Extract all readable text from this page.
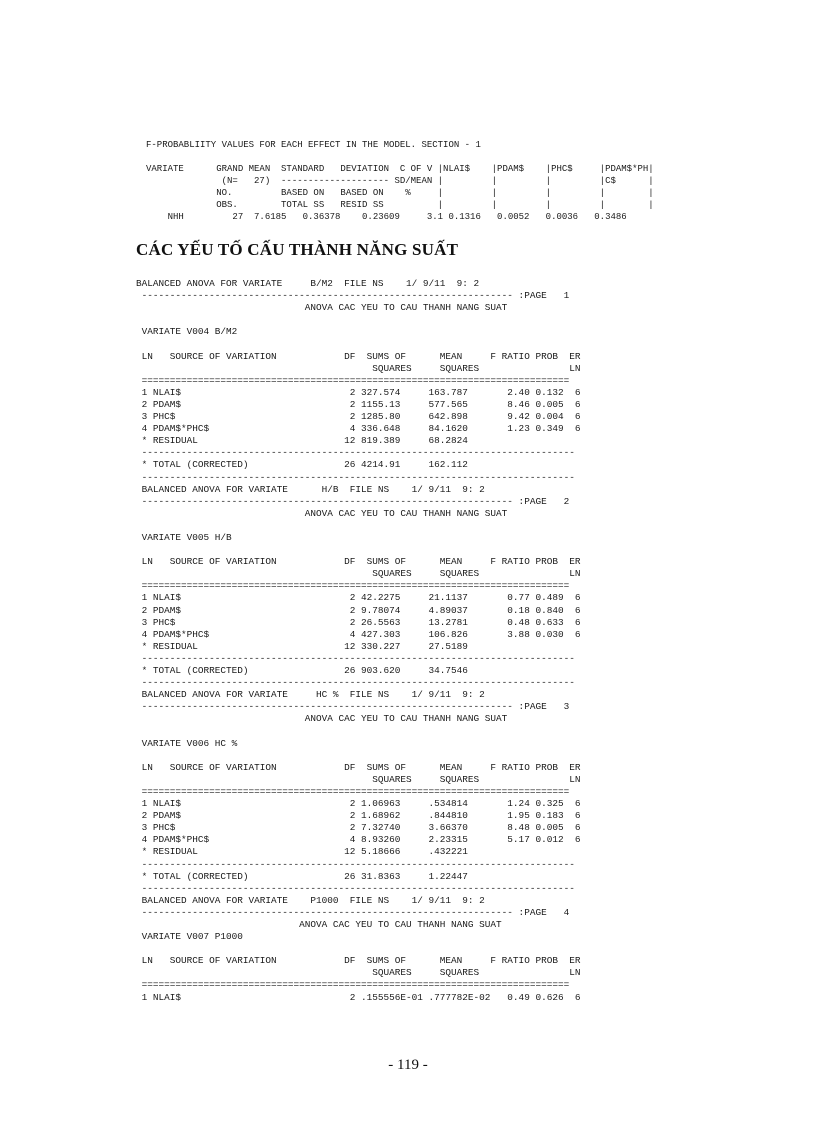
F-PROBABLIITY VALUES FOR EACH EFFECT IN THE MODEL. SECTION - 1

VARIATE      GRAND MEAN  STANDARD   DEVIATION  C OF V |NLAI$    |PDAM$    |PHC$     |PDAM$*PH|
(N=   27)  -------------------- SD/MEAN |         |         |         |C$      |
NO.         BASED ON   BASED ON    %     |         |         |         |        |
OBS.        TOTAL SS   RESID SS          |         |         |         |        |
NHH         27  7.6185   0.36378    0.23609     3.1 0.1316   0.0052   0.0036   0.3486

CÁC YẾU TỐ CẤU THÀNH NĂNG SUẤT
BALANCED ANOVA FOR VARIATE     B/M2  FILE NS    1/ 9/11  9: 2
------------------------------------------------------------------ :PAGE   1
ANOVA CAC YEU TO CAU THANH NANG SUAT

VARIATE V004 B/M2

LN   SOURCE OF VARIATION            DF  SUMS OF      MEAN     F RATIO PROB  ER
SQUARES     SQUARES                LN
============================================================================
1 NLAI$                              2 327.574     163.787       2.40 0.132  6
2 PDAM$                              2 1155.13     577.565       8.46 0.005  6
3 PHC$                               2 1285.80     642.898       9.42 0.004  6
4 PDAM$*PHC$                         4 336.648     84.1620       1.23 0.349  6
* RESIDUAL                          12 819.389     68.2824
-----------------------------------------------------------------------------
* TOTAL (CORRECTED)                 26 4214.91     162.112
-----------------------------------------------------------------------------
BALANCED ANOVA FOR VARIATE      H/B  FILE NS    1/ 9/11  9: 2
------------------------------------------------------------------ :PAGE   2
ANOVA CAC YEU TO CAU THANH NANG SUAT

VARIATE V005 H/B

LN   SOURCE OF VARIATION            DF  SUMS OF      MEAN     F RATIO PROB  ER
SQUARES     SQUARES                LN
============================================================================
1 NLAI$                              2 42.2275     21.1137       0.77 0.489  6
2 PDAM$                              2 9.78074     4.89037       0.18 0.840  6
3 PHC$                               2 26.5563     13.2781       0.48 0.633  6
4 PDAM$*PHC$                         4 427.303     106.826       3.88 0.030  6
* RESIDUAL                          12 330.227     27.5189
-----------------------------------------------------------------------------
* TOTAL (CORRECTED)                 26 903.620     34.7546
-----------------------------------------------------------------------------
BALANCED ANOVA FOR VARIATE     HC %  FILE NS    1/ 9/11  9: 2
------------------------------------------------------------------ :PAGE   3
ANOVA CAC YEU TO CAU THANH NANG SUAT

VARIATE V006 HC %

LN   SOURCE OF VARIATION            DF  SUMS OF      MEAN     F RATIO PROB  ER
SQUARES     SQUARES                LN
============================================================================
1 NLAI$                              2 1.06963     .534814       1.24 0.325  6
2 PDAM$                              2 1.68962     .844810       1.95 0.183  6
3 PHC$                               2 7.32740     3.66370       8.48 0.005  6
4 PDAM$*PHC$                         4 8.93260     2.23315       5.17 0.012  6
* RESIDUAL                          12 5.18666     .432221
-----------------------------------------------------------------------------
* TOTAL (CORRECTED)                 26 31.8363     1.22447
-----------------------------------------------------------------------------
BALANCED ANOVA FOR VARIATE    P1000  FILE NS    1/ 9/11  9: 2
------------------------------------------------------------------ :PAGE   4
ANOVA CAC YEU TO CAU THANH NANG SUAT
VARIATE V007 P1000

LN   SOURCE OF VARIATION            DF  SUMS OF      MEAN     F RATIO PROB  ER
SQUARES     SQUARES                LN
============================================================================
1 NLAI$                              2 .155556E-01 .777782E-02   0.49 0.626  6

- 119 -
